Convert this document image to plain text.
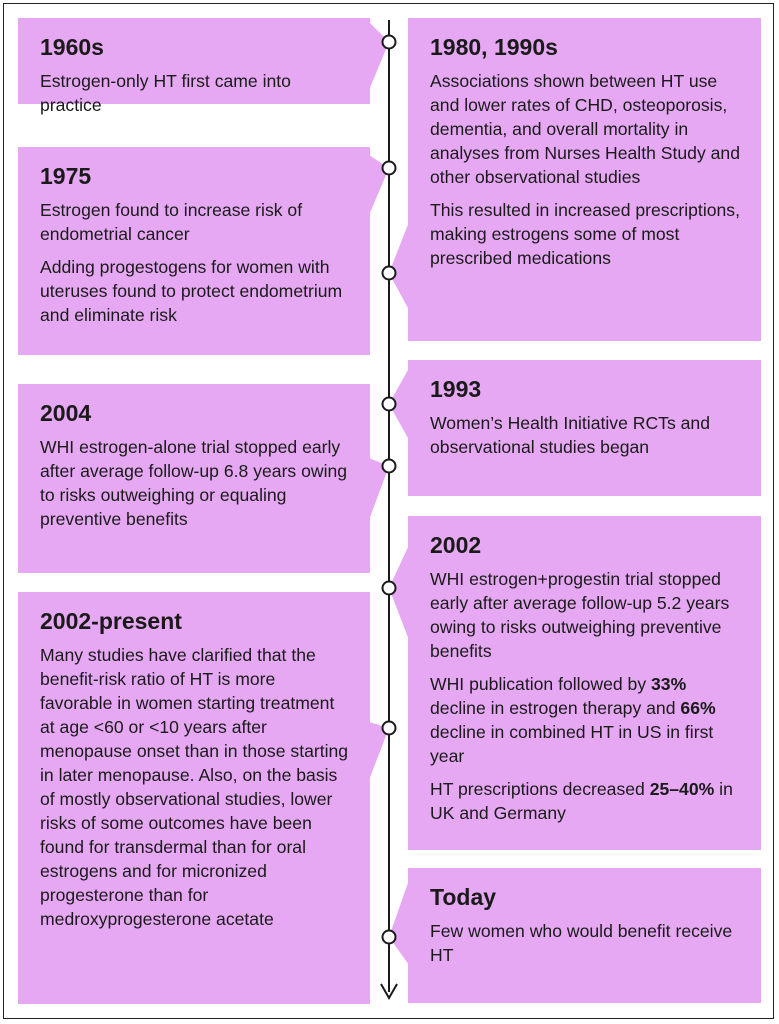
1960s

Estrogen-only HT first came into practice

1975

Estrogen found to increase risk of endometrial cancer

Adding progestogens for women with uteruses found to protect endometrium and eliminate risk

2004

WHI estrogen-alone trial stopped early after average follow-up 6.8 years owing to risks outweighing or equaling preventive benefits

2002-present

Many studies have clarified that the benefit-risk ratio of HT is more favorable in women starting treatment at age <60 or <10 years after menopause onset than in those starting in later menopause. Also, on the basis of mostly observational studies, lower risks of some outcomes have been found for transdermal than for oral estrogens and for micronized progesterone than for medroxyprogesterone acetate

1980, 1990s

Associations shown between HT use and lower rates of CHD, osteoporosis, dementia, and overall mortality in analyses from Nurses Health Study and other observational studies

This resulted in increased prescriptions, making estrogens some of most prescribed medications

1993

Women’s Health Initiative RCTs and observational studies began

2002

WHI estrogen+progestin trial stopped early after average follow-up 5.2 years owing to risks outweighing preventive benefits

WHI publication followed by 33% decline in estrogen therapy and 66% decline in combined HT in US in first year

HT prescriptions decreased 25–40% in UK and Germany

Today

Few women who would benefit receive HT
